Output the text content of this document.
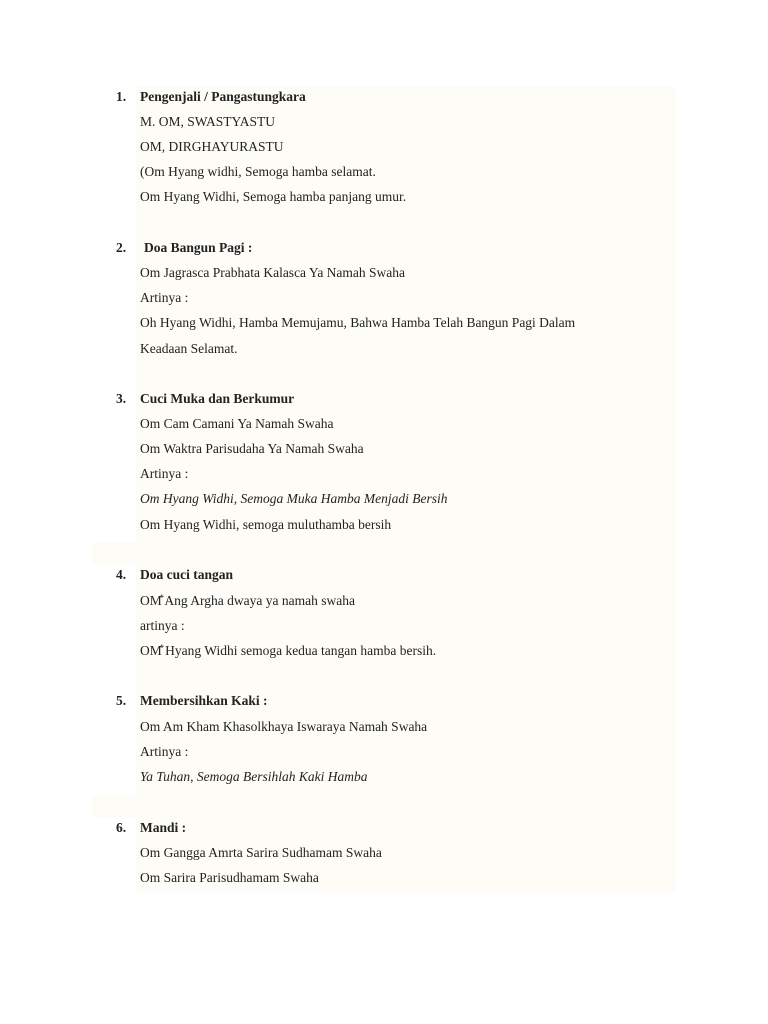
1. Pengenjali / Pangastungkara
M. OM, SWASTYASTU
OM, DIRGHAYURASTU
(Om Hyang widhi, Semoga hamba selamat.
Om Hyang Widhi, Semoga hamba panjang umur.
2. Doa Bangun Pagi :
Om Jagrasca Prabhata Kalasca Ya Namah Swaha
Artinya :
Oh Hyang Widhi, Hamba Memujamu, Bahwa Hamba Telah Bangun Pagi Dalam
Keadaan Selamat.
3. Cuci Muka dan Berkumur
Om Cam Camani Ya Namah Swaha
Om Waktra Parisudaha Ya Namah Swaha
Artinya :
Om Hyang Widhi, Semoga Muka Hamba Menjadi Bersih
Om Hyang Widhi, semoga muluthamba bersih
4. Doa cuci tangan
OM̐ Ang Argha dwaya ya namah swaha
artinya :
OM̐ Hyang Widhi semoga kedua tangan hamba bersih.
5. Membersihkan Kaki :
Om Am Kham Khasolkhaya Iswaraya Namah Swaha
Artinya :
Ya Tuhan, Semoga Bersihlah Kaki Hamba
6. Mandi :
Om Gangga Amrta Sarira Sudhamam Swaha
Om Sarira Parisudhamam Swaha
